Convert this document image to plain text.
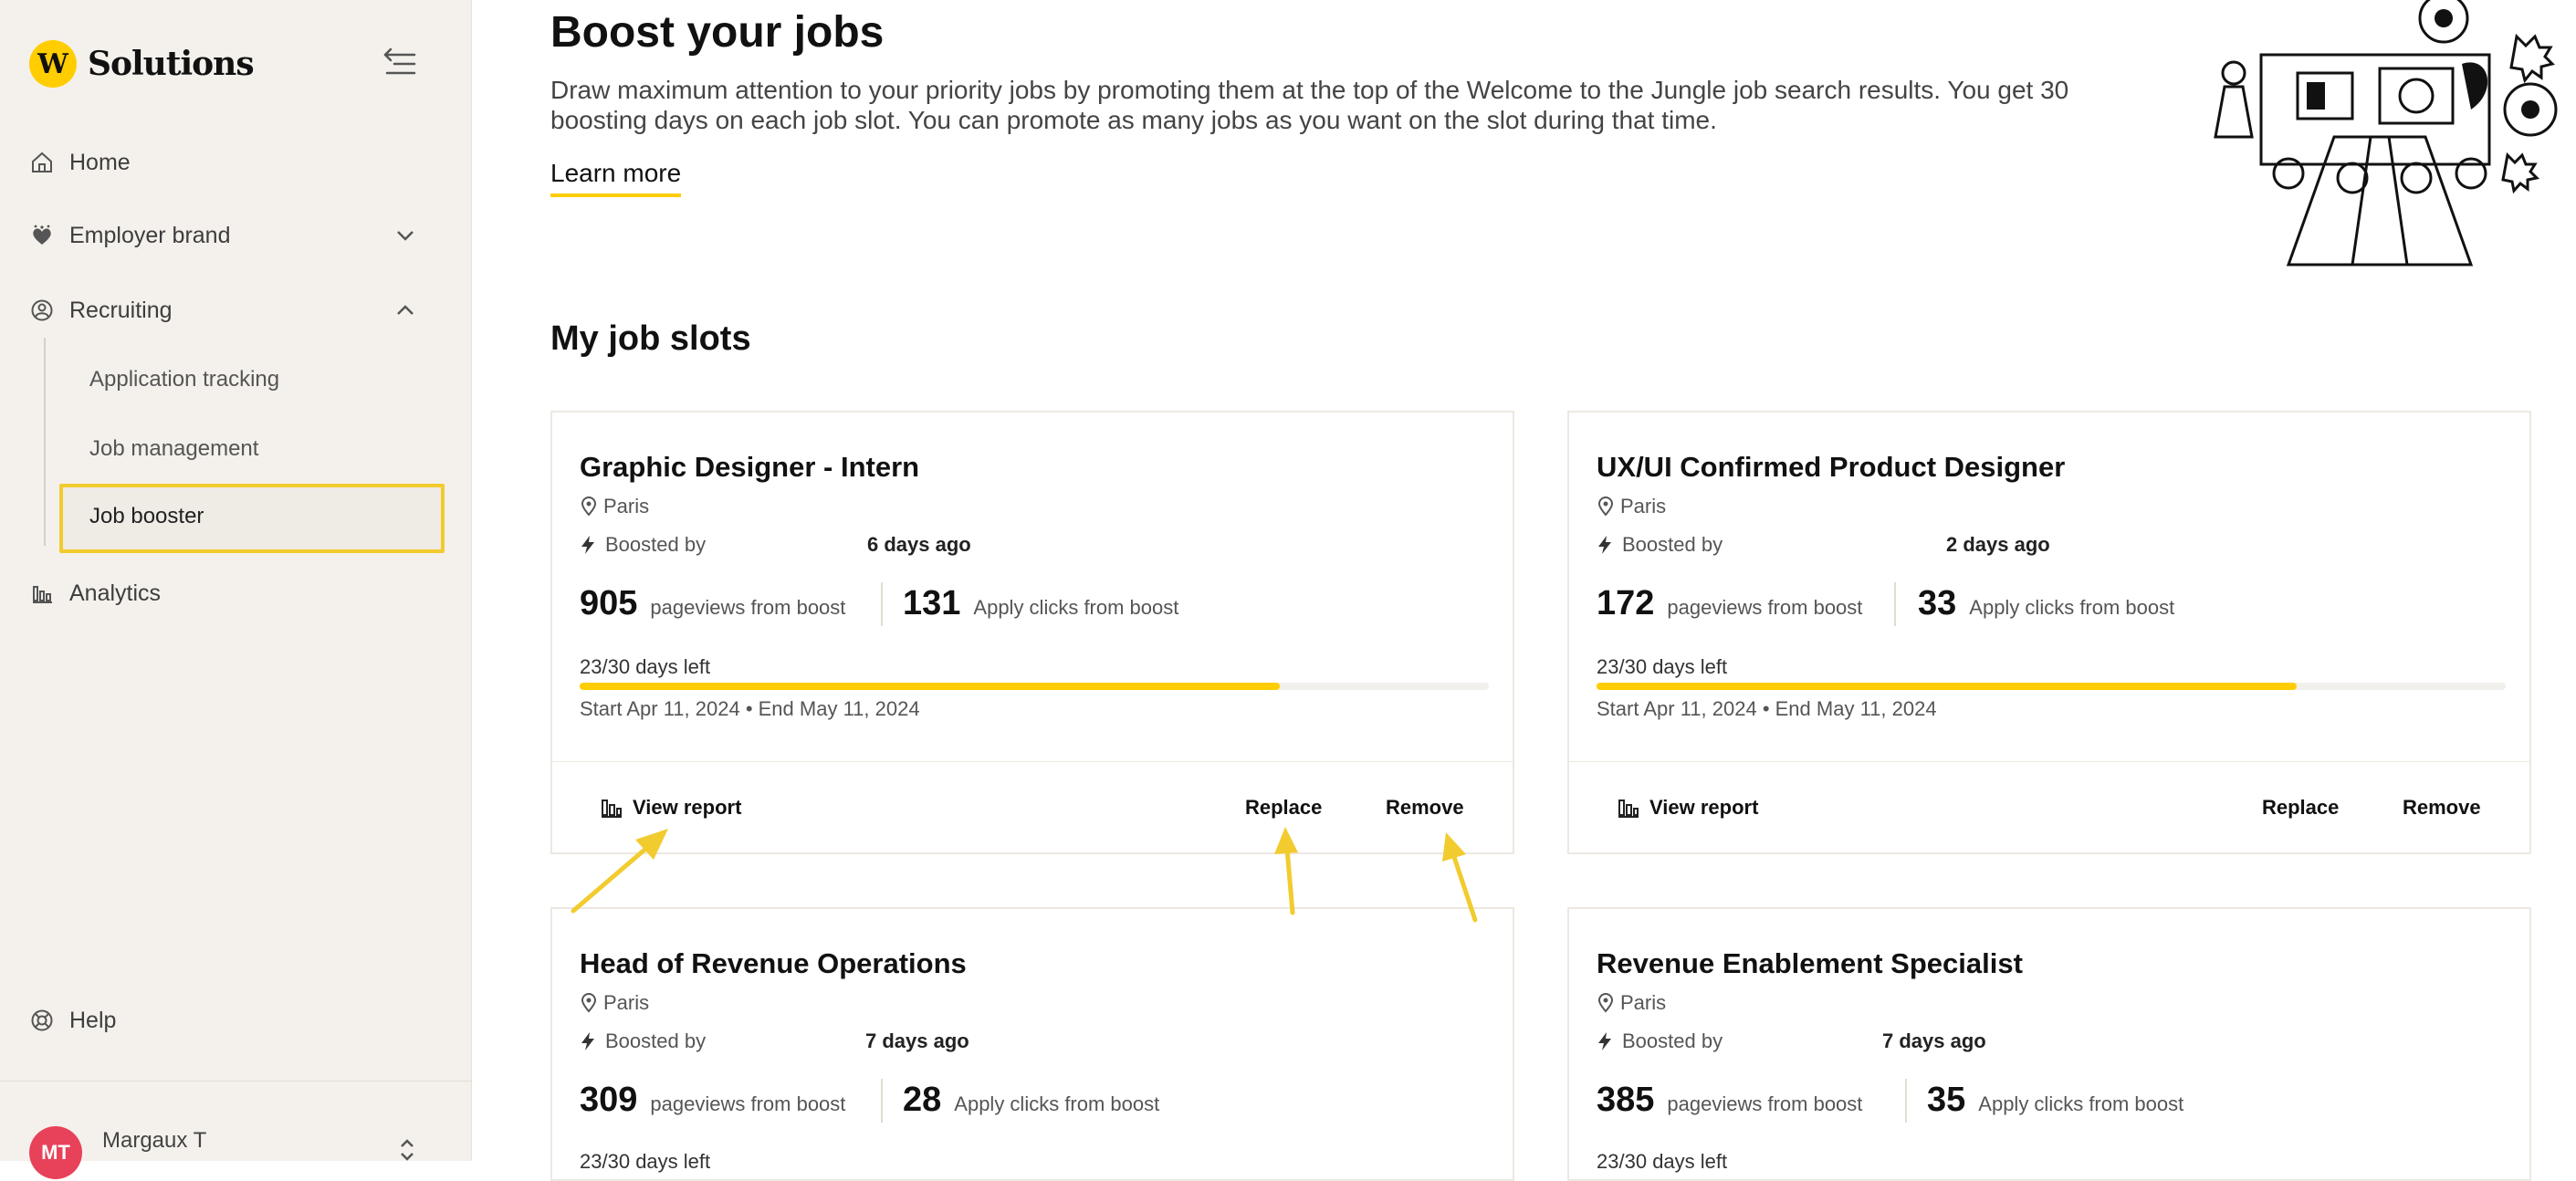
W Solutions
Home
Employer brand
Recruiting
Application tracking
Job management
Job booster
Analytics
Help
MT	Margaux T
Boost your jobs

Draw maximum attention to your priority jobs by promoting them at the top of the Welcome to the Jungle job search results. You get 30 boosting days on each job slot. You can promote as many jobs as you want on the slot during that time.

Learn more
My job slots
Graphic Designer - Intern
Paris
Boosted by	6 days ago
905 pageviews from boost 131 Apply clicks from boost
23/30 days left
Start Apr 11, 2024 • End May 11, 2024
View report	Replace	Remove
UX/UI Confirmed Product Designer
Paris
Boosted by	2 days ago
172 pageviews from boost 33 Apply clicks from boost
23/30 days left
Start Apr 11, 2024 • End May 11, 2024
View report	Replace	Remove
Head of Revenue Operations
Paris
Boosted by	7 days ago
309 pageviews from boost 28 Apply clicks from boost
23/30 days left
Revenue Enablement Specialist
Paris
Boosted by	7 days ago
385 pageviews from boost 35 Apply clicks from boost
23/30 days left
